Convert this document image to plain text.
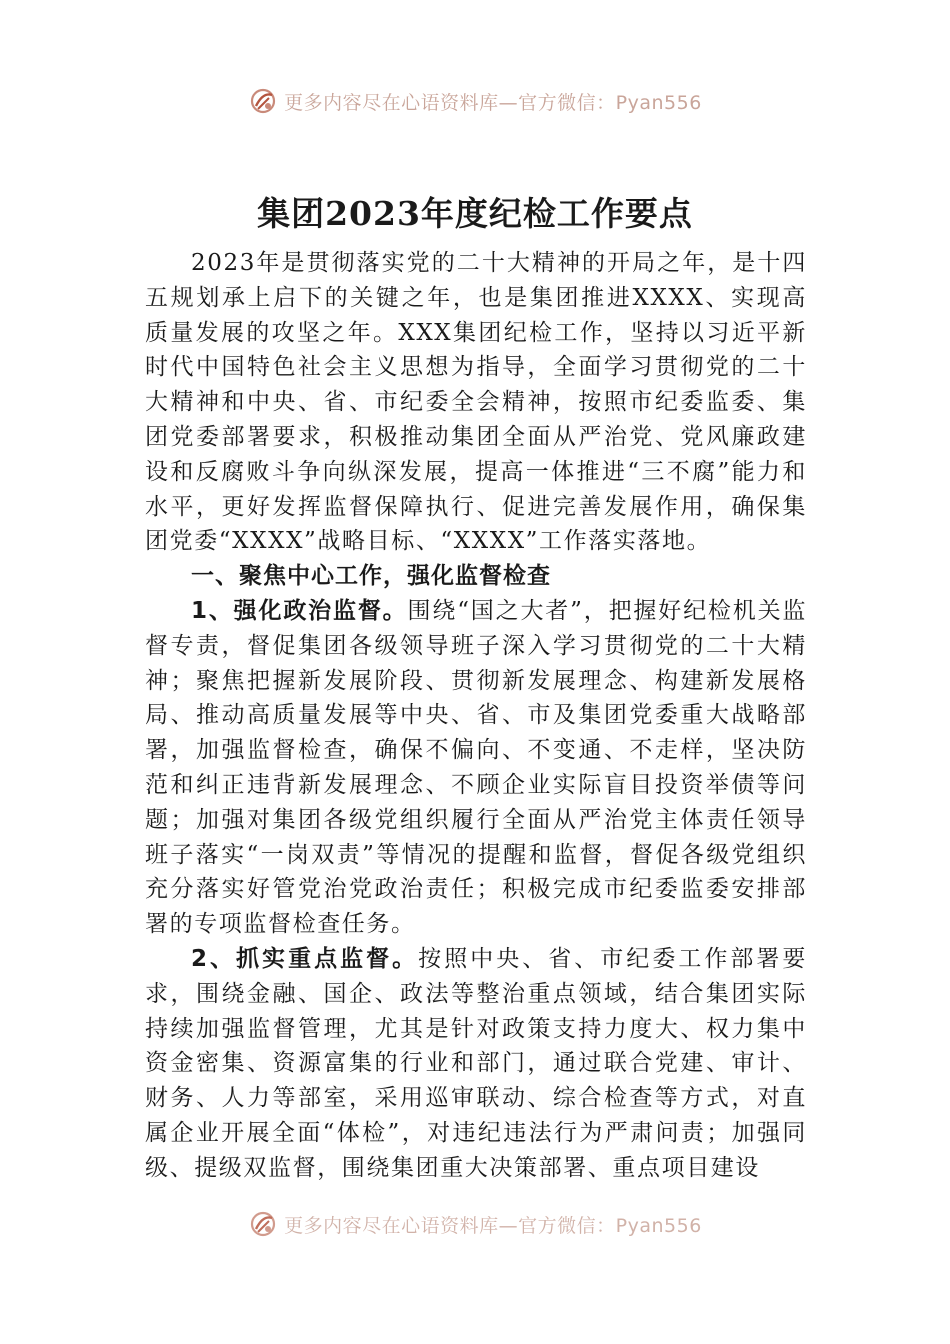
更多内容尽在心语资料库—官方微信：Pyan556
集团2023年度纪检工作要点

2023年是贯彻落实党的二十大精神的开局之年，是十四五规划承上启下的关键之年，也是集团推进XXXX、实现高质量发展的攻坚之年。XXX集团纪检工作，坚持以习近平新时代中国特色社会主义思想为指导，全面学习贯彻党的二十大精神和中央、省、市纪委全会精神，按照市纪委监委、集团党委部署要求，积极推动集团全面从严治党、党风廉政建设和反腐败斗争向纵深发展，提高一体推进“三不腐”能力和水平，更好发挥监督保障执行、促进完善发展作用，确保集团党委“XXXX”战略目标、“XXXX”工作落实落地。

一、聚焦中心工作，强化监督检查

1、强化政治监督。围绕“国之大者”，把握好纪检机关监督专责，督促集团各级领导班子深入学习贯彻党的二十大精神；聚焦把握新发展阶段、贯彻新发展理念、构建新发展格局、推动高质量发展等中央、省、市及集团党委重大战略部署，加强监督检查，确保不偏向、不变通、不走样，坚决防范和纠正违背新发展理念、不顾企业实际盲目投资举债等问题；加强对集团各级党组织履行全面从严治党主体责任领导班子落实“一岗双责”等情况的提醒和监督，督促各级党组织充分落实好管党治党政治责任；积极完成市纪委监委安排部署的专项监督检查任务。

2、抓实重点监督。按照中央、省、市纪委工作部署要求，围绕金融、国企、政法等整治重点领域，结合集团实际持续加强监督管理，尤其是针对政策支持力度大、权力集中资金密集、资源富集的行业和部门，通过联合党建、审计、财务、人力等部室，采用巡审联动、综合检查等方式，对直属企业开展全面“体检”，对违纪违法行为严肃问责；加强同级、提级双监督，围绕集团重大决策部署、重点项目建设

更多内容尽在心语资料库—官方微信：Pyan556
